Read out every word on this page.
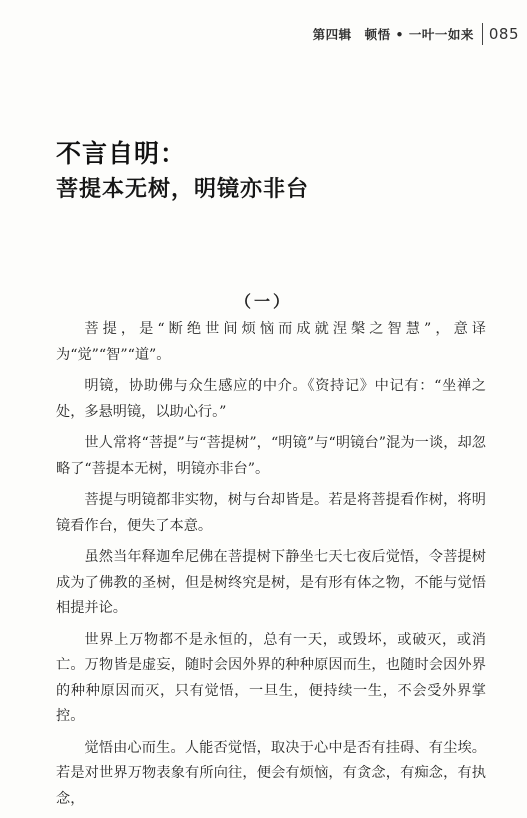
第四辑　顿悟 • 一叶一如来 085
不言自明：
菩提本无树，明镜亦非台
（一）

菩提，是“断绝世间烦恼而成就涅槃之智慧”，意译为“觉”“智”“道”。

明镜，协助佛与众生感应的中介。《资持记》中记有：“坐禅之处，多悬明镜，以助心行。”

世人常将“菩提”与“菩提树”，“明镜”与“明镜台”混为一谈，却忽略了“菩提本无树，明镜亦非台”。

菩提与明镜都非实物，树与台却皆是。若是将菩提看作树，将明镜看作台，便失了本意。

虽然当年释迦牟尼佛在菩提树下静坐七天七夜后觉悟，令菩提树成为了佛教的圣树，但是树终究是树，是有形有体之物，不能与觉悟相提并论。

世界上万物都不是永恒的，总有一天，或毁坏，或破灭，或消亡。万物皆是虚妄，随时会因外界的种种原因而生，也随时会因外界的种种原因而灭，只有觉悟，一旦生，便持续一生，不会受外界掌控。

觉悟由心而生。人能否觉悟，取决于心中是否有挂碍、有尘埃。若是对世界万物表象有所向往，便会有烦恼，有贪念，有痴念，有执念，
